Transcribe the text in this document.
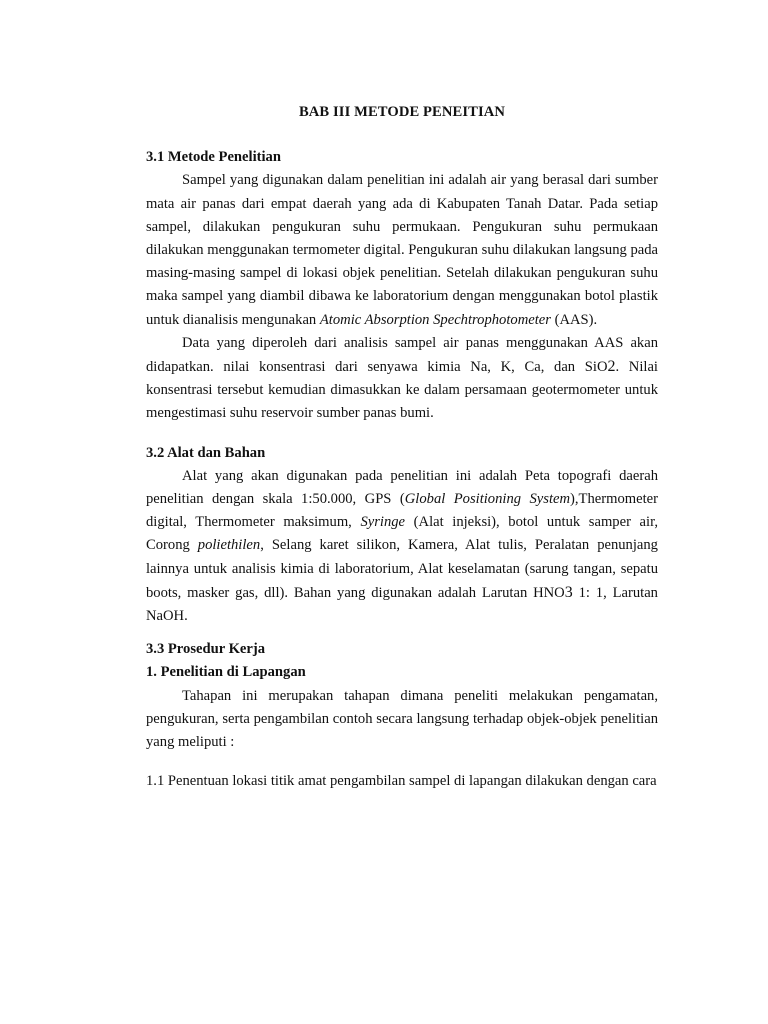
BAB III METODE PENEITIAN

3.1 Metode Penelitian

Sampel yang digunakan dalam penelitian ini adalah air yang berasal dari sumber mata air panas dari empat daerah yang ada di Kabupaten Tanah Datar. Pada setiap sampel, dilakukan pengukuran suhu permukaan. Pengukuran suhu permukaan dilakukan menggunakan termometer digital. Pengukuran suhu dilakukan langsung pada masing-masing sampel di lokasi objek penelitian. Setelah dilakukan pengukuran suhu maka sampel yang diambil dibawa ke laboratorium dengan menggunakan botol plastik untuk dianalisis mengunakan Atomic Absorption Spechtrophotometer (AAS).

Data yang diperoleh dari analisis sampel air panas menggunakan AAS akan didapatkan. nilai konsentrasi dari senyawa kimia Na, K, Ca, dan SiO2. Nilai konsentrasi tersebut kemudian dimasukkan ke dalam persamaan geotermometer untuk mengestimasi suhu reservoir sumber panas bumi.

3.2 Alat dan Bahan

Alat yang akan digunakan pada penelitian ini adalah Peta topografi daerah penelitian dengan skala 1:50.000, GPS (Global Positioning System),Thermometer digital, Thermometer maksimum, Syringe (Alat injeksi), botol untuk samper air, Corong poliethilen, Selang karet silikon, Kamera, Alat tulis, Peralatan penunjang lainnya untuk analisis kimia di laboratorium, Alat keselamatan (sarung tangan, sepatu boots, masker gas, dll). Bahan yang digunakan adalah Larutan HNO3 1: 1, Larutan NaOH.

3.3 Prosedur Kerja

1. Penelitian di Lapangan

Tahapan ini merupakan tahapan dimana peneliti melakukan pengamatan, pengukuran, serta pengambilan contoh secara langsung terhadap objek-objek penelitian yang meliputi :

1.1 Penentuan lokasi titik amat pengambilan sampel di lapangan dilakukan dengan cara
